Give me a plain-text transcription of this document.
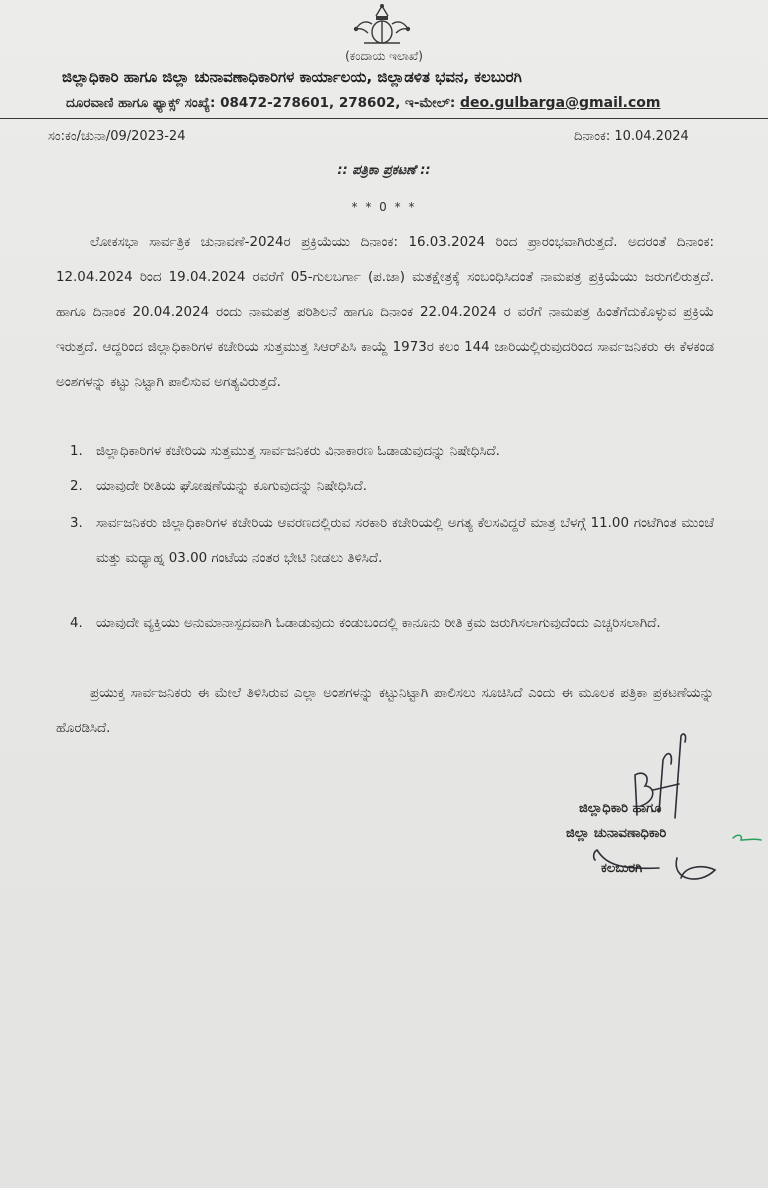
(ಕಂದಾಯ ಇಲಾಖೆ)
ಜಿಲ್ಲಾಧಿಕಾರಿ ಹಾಗೂ ಜಿಲ್ಲಾ ಚುನಾವಣಾಧಿಕಾರಿಗಳ ಕಾರ್ಯಾಲಯ, ಜಿಲ್ಲಾಡಳಿತ ಭವನ, ಕಲಬುರಗಿ
ದೂರವಾಣಿ ಹಾಗೂ ಫ್ಯಾಕ್ಸ್ ಸಂಖ್ಯೆ: 08472-278601, 278602, ಇ-ಮೇಲ್: deo.gulbarga@gmail.com
ಸಂ:ಕಂ/ಚುನಾ/09/2023-24	ದಿನಾಂಕ: 10.04.2024
:: ಪತ್ರಿಕಾ ಪ್ರಕಟಣೆ ::
* * 0 * *
ಲೋಕಸಭಾ ಸಾರ್ವತ್ರಿಕ ಚುನಾವಣೆ-2024ರ ಪ್ರಕ್ರಿಯೆಯು ದಿನಾಂಕ: 16.03.2024 ರಿಂದ ಪ್ರಾರಂಭವಾಗಿರುತ್ತದೆ. ಅದರಂತೆ ದಿನಾಂಕ: 12.04.2024 ರಿಂದ 19.04.2024 ರವರೆಗೆ 05-ಗುಲಬರ್ಗಾ (ಪ.ಜಾ) ಮತಕ್ಷೇತ್ರಕ್ಕೆ ಸಂಬಂಧಿಸಿದಂತೆ ನಾಮಪತ್ರ ಪ್ರಕ್ರಿಯೆಯು ಜರುಗಲಿರುತ್ತದೆ. ಹಾಗೂ ದಿನಾಂಕ 20.04.2024 ರಂದು ನಾಮಪತ್ರ ಪರಿಶಿಲನೆ ಹಾಗೂ ದಿನಾಂಕ 22.04.2024 ರ ವರೆಗೆ ನಾಮಪತ್ರ ಹಿಂತೆಗೆದುಕೊಳ್ಳುವ ಪ್ರಕ್ರಿಯೆ ಇರುತ್ತದೆ. ಆದ್ದರಿಂದ ಜಿಲ್ಲಾಧಿಕಾರಿಗಳ ಕಚೇರಿಯ ಸುತ್ತಮುತ್ತ ಸಿಆರ್‌ಪಿಸಿ ಕಾಯ್ದೆ 1973ರ ಕಲಂ 144 ಜಾರಿಯಲ್ಲಿರುವುದರಿಂದ ಸಾರ್ವಜನಿಕರು ಈ ಕೆಳಕಂಡ ಅಂಶಗಳನ್ನು ಕಟ್ಟು ನಿಟ್ಟಾಗಿ ಪಾಲಿಸುವ ಅಗತ್ಯವಿರುತ್ತದೆ.
1. ಜಿಲ್ಲಾಧಿಕಾರಿಗಳ ಕಚೇರಿಯ ಸುತ್ತಮುತ್ತ ಸಾರ್ವಜನಿಕರು ವಿನಾಕಾರಣ ಓಡಾಡುವುದನ್ನು ನಿಷೇಧಿಸಿದೆ.
2. ಯಾವುದೇ ರೀತಿಯ ಘೋಷಣೆಯನ್ನು ಕೂಗುವುದನ್ನು ನಿಷೇಧಿಸಿದೆ.
3. ಸಾರ್ವಜನಿಕರು ಜಿಲ್ಲಾಧಿಕಾರಿಗಳ ಕಚೇರಿಯ ಆವರಣದಲ್ಲಿರುವ ಸರಕಾರಿ ಕಚೇರಿಯಲ್ಲಿ ಅಗತ್ಯ ಕೆಲಸವಿದ್ದರೆ ಮಾತ್ರ ಬೆಳಗ್ಗೆ 11.00 ಗಂಟೆಗಿಂತ ಮುಂಚೆ ಮತ್ತು ಮಧ್ಯಾಹ್ನ 03.00 ಗಂಟೆಯ ನಂತರ ಭೇಟಿ ನೀಡಲು ತಿಳಿಸಿದೆ.
4. ಯಾವುದೇ ವ್ಯಕ್ತಿಯು ಅನುಮಾನಾಸ್ಪದವಾಗಿ ಓಡಾಡುವುದು ಕಂಡುಬಂದಲ್ಲಿ ಕಾನೂನು ರೀತಿ ಕ್ರಮ ಜರುಗಿಸಲಾಗುವುದೆಂದು ಎಚ್ಚರಿಸಲಾಗಿದೆ.
ಪ್ರಯುಕ್ತ ಸಾರ್ವಜನಿಕರು ಈ ಮೇಲೆ ತಿಳಿಸಿರುವ ಎಲ್ಲಾ ಅಂಶಗಳನ್ನು ಕಟ್ಟುನಿಟ್ಟಾಗಿ ಪಾಲಿಸಲು ಸೂಚಿಸಿದೆ ಎಂದು ಈ ಮೂಲಕ ಪತ್ರಿಕಾ ಪ್ರಕಟಣೆಯನ್ನು ಹೊರಡಿಸಿದೆ.
ಜಿಲ್ಲಾಧಿಕಾರಿ ಹಾಗೂ
ಜಿಲ್ಲಾ ಚುನಾವಣಾಧಿಕಾರಿ
ಕಲಬುರಗಿ
